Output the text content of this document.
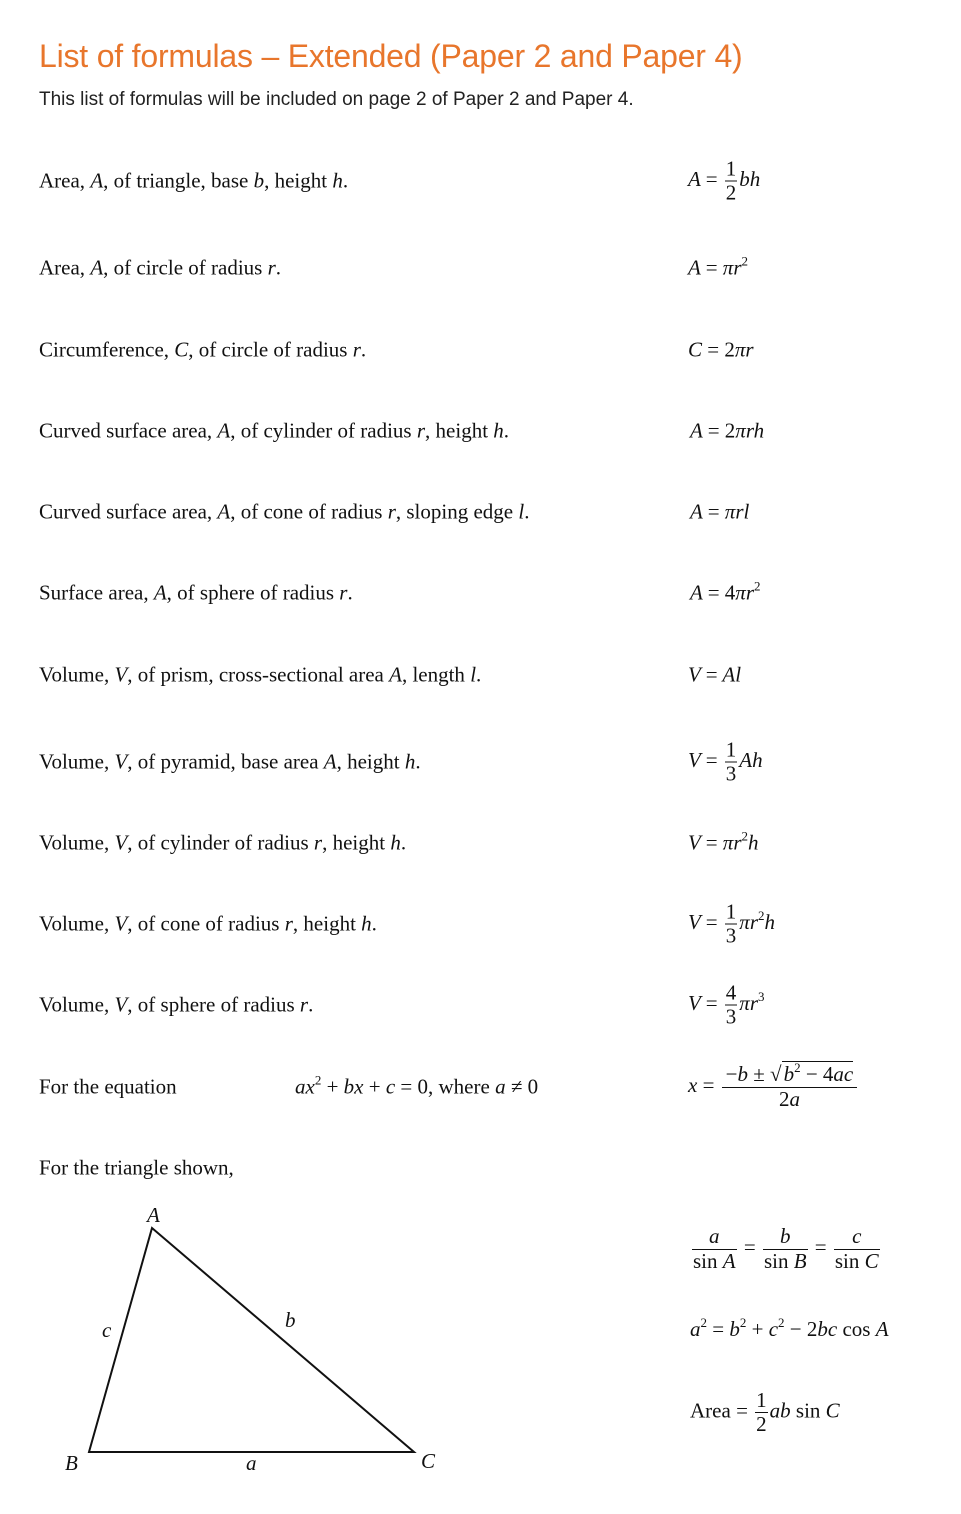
List of formulas – Extended (Paper 2 and Paper 4)
This list of formulas will be included on page 2 of Paper 2 and Paper 4.
Area, A, of triangle, base b, height h.	$A = \frac{1}{2}$ bh
Area, A, of circle of radius r.	$A = \pi r^2$
Circumference, C, of circle of radius r.	C = 2πr
Curved surface area, A, of cylinder of radius r, height h.	A = 2πrh
Curved surface area, A, of cone of radius r, sloping edge l.	A = πrl
Surface area, A, of sphere of radius r.	$A = 4\pi r^2$
Volume, V, of prism, cross-sectional area A, length l.	V = Al
Volume, V, of pyramid, base area A, height h.	$V = \frac{1}{3}$ Ah
Volume, V, of cylinder of radius r, height h.	$V = \pi r^2h$
Volume, V, of cone of radius r, height h.	$V = \frac{1}{3} \pi r^2h$
Volume, V, of sphere of radius r.	$V = \frac{4}{3} \pi r^3$
For the equation	$ax^2$ + bx + c = 0, where a ≠ 0	$x = \frac{-b \pm √b^2 - 4ac}{2a}$
For the triangle shown,
A
B	C
a
b
c
$\frac{a}{\text{sin A}} = \frac{b}{\text{sin B}} = \frac{c}{\text{sin C}}$
$a^2 = b^2 + c^2 - 2bc$ cos A
Area = $\frac{1}{2}$ ab sin C
